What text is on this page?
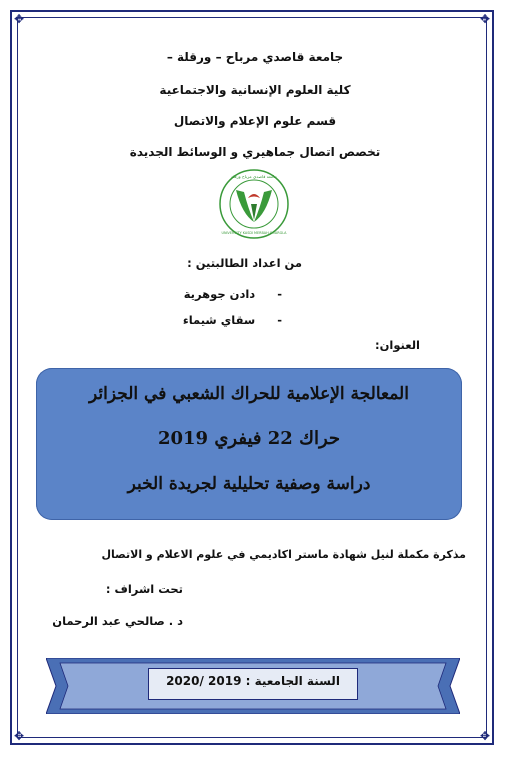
✥	✥
✥	✥
جامعة قاصدي مرباح – ورقلة –
كلية العلوم الإنسانية والاجتماعية
قسم علوم الإعلام والاتصال
تخصص اتصال جماهيري و الوسائط الجديدة
جامعة قاصدي مرباح ورقلة
UNIVERSITY KASDI MERBAH OUARGLA
من اعداد الطالبتين :
-  دادن جوهرية
-  سقاي شيماء
العنوان:
المعالجة الإعلامية للحراك الشعبي في الجزائر
حراك 22 فيفري 2019
دراسة وصفية تحليلية لجريدة الخبر
مذكرة مكملة لنيل شهادة ماستر اكاديمي في علوم الاعلام و الاتصال
تحت اشراف :
د . صالحي عبد الرحمان
السنة الجامعية : 2019 /2020
